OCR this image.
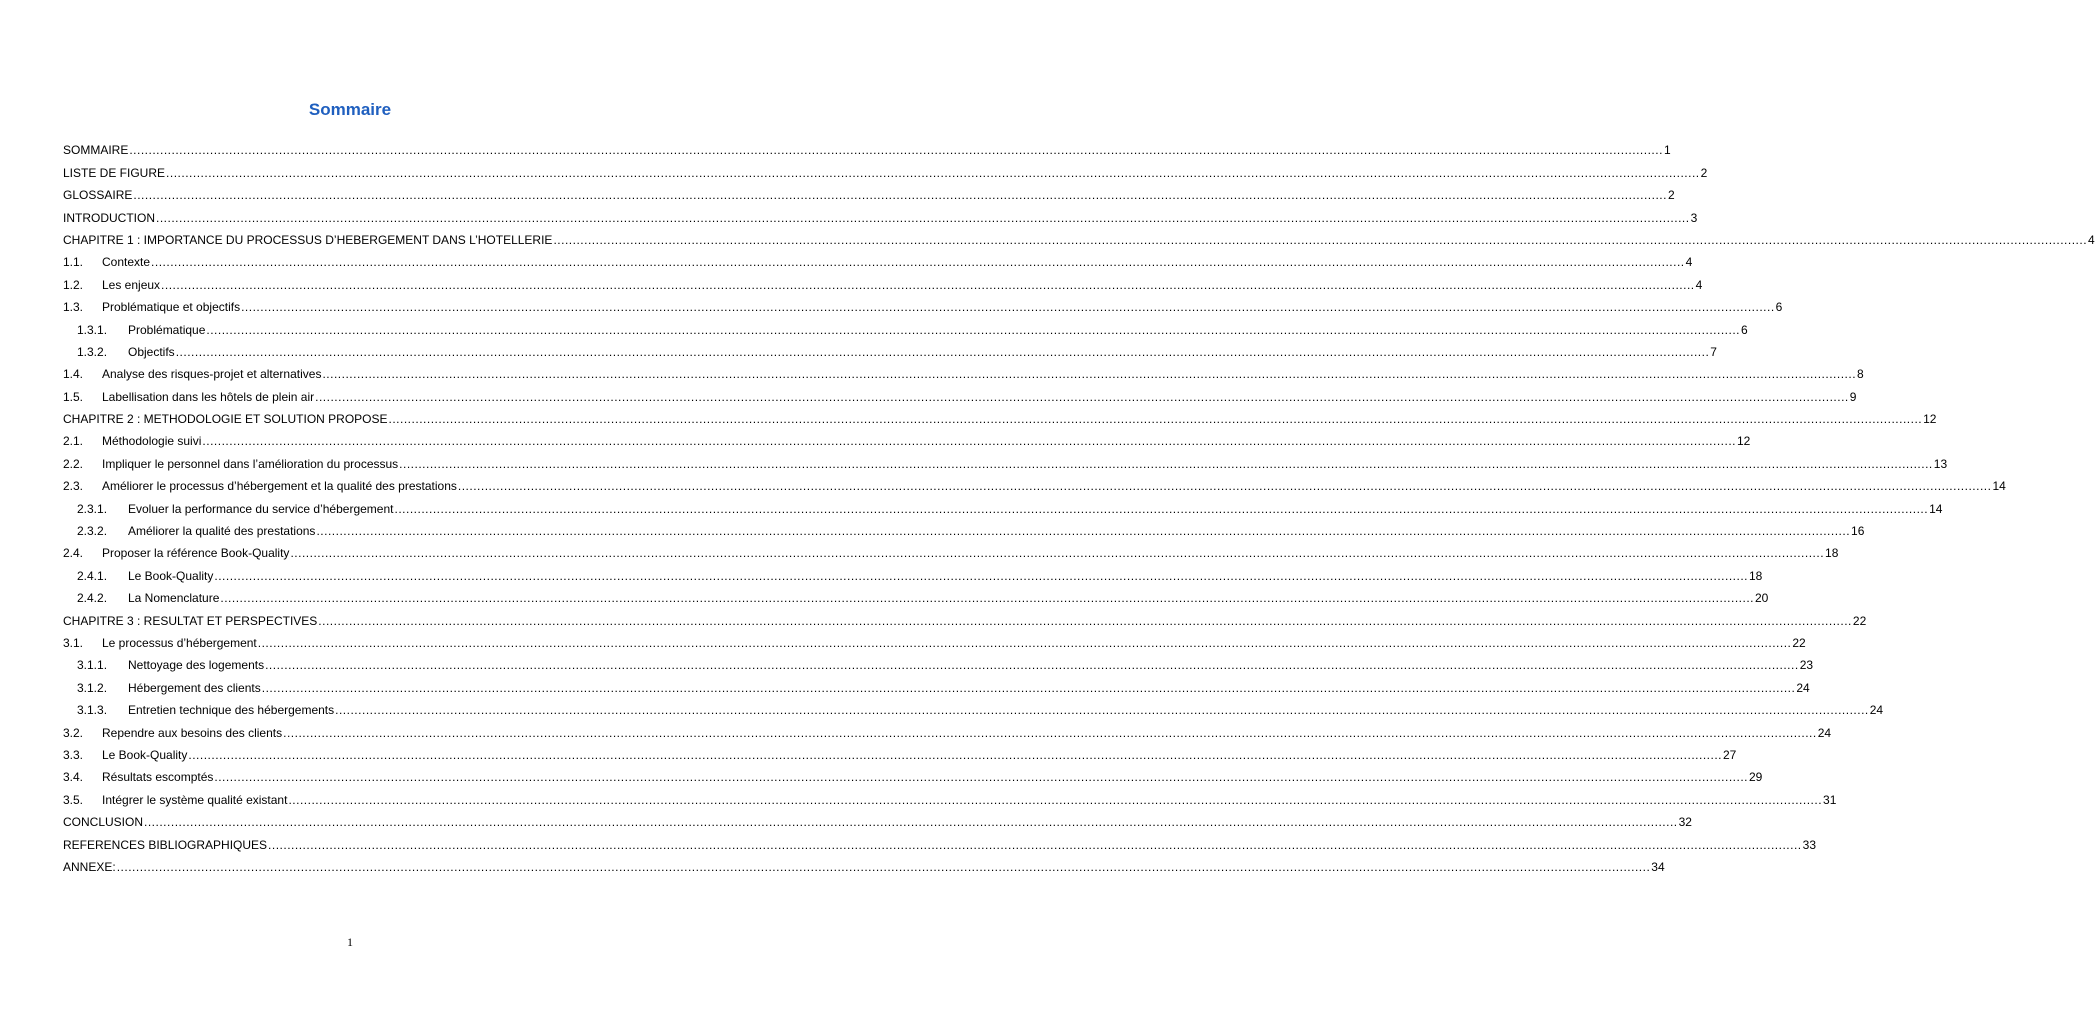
Sommaire
SOMMAIRE ................................................................................................................................................................................................................................................................................................................................................................................................................ 1
LISTE DE FIGURE ................................................................................................................................................................................................................................................................................................................................................................................................................ 2
GLOSSAIRE ................................................................................................................................................................................................................................................................................................................................................................................................................ 2
INTRODUCTION ................................................................................................................................................................................................................................................................................................................................................................................................................ 3
CHAPITRE 1 : IMPORTANCE DU PROCESSUS D’HEBERGEMENT DANS L’HOTELLERIE ................................................................................................................................................................................................................................................................................................................................................................................................................ 4
1.1.	Contexte ................................................................................................................................................................................................................................................................................................................................................................................................................ 4
1.2.	Les enjeux ................................................................................................................................................................................................................................................................................................................................................................................................................ 4
1.3.	Problématique et objectifs ................................................................................................................................................................................................................................................................................................................................................................................................................ 6
1.3.1.	Problématique ................................................................................................................................................................................................................................................................................................................................................................................................................ 6
1.3.2.	Objectifs ................................................................................................................................................................................................................................................................................................................................................................................................................ 7
1.4.	Analyse des risques-projet et alternatives ................................................................................................................................................................................................................................................................................................................................................................................................................ 8
1.5.	Labellisation dans les hôtels de plein air ................................................................................................................................................................................................................................................................................................................................................................................................................ 9
CHAPITRE 2 : METHODOLOGIE ET SOLUTION PROPOSE ................................................................................................................................................................................................................................................................................................................................................................................................................ 12
2.1.	Méthodologie suivi ................................................................................................................................................................................................................................................................................................................................................................................................................ 12
2.2.	Impliquer le personnel dans l’amélioration du processus ................................................................................................................................................................................................................................................................................................................................................................................................................ 13
2.3.	Améliorer le processus d’hébergement et la qualité des prestations ................................................................................................................................................................................................................................................................................................................................................................................................................ 14
2.3.1.	Evoluer la performance du service d’hébergement ................................................................................................................................................................................................................................................................................................................................................................................................................ 14
2.3.2.	Améliorer la qualité des prestations ................................................................................................................................................................................................................................................................................................................................................................................................................ 16
2.4.	Proposer la référence Book-Quality ................................................................................................................................................................................................................................................................................................................................................................................................................ 18
2.4.1.	Le Book-Quality ................................................................................................................................................................................................................................................................................................................................................................................................................ 18
2.4.2.	La Nomenclature ................................................................................................................................................................................................................................................................................................................................................................................................................ 20
CHAPITRE 3 : RESULTAT ET PERSPECTIVES ................................................................................................................................................................................................................................................................................................................................................................................................................ 22
3.1.	Le processus d’hébergement ................................................................................................................................................................................................................................................................................................................................................................................................................ 22
3.1.1.	Nettoyage des logements ................................................................................................................................................................................................................................................................................................................................................................................................................ 23
3.1.2.	Hébergement des clients ................................................................................................................................................................................................................................................................................................................................................................................................................ 24
3.1.3.	Entretien technique des hébergements ................................................................................................................................................................................................................................................................................................................................................................................................................ 24
3.2.	Rependre aux besoins des clients ................................................................................................................................................................................................................................................................................................................................................................................................................ 24
3.3.	Le Book-Quality ................................................................................................................................................................................................................................................................................................................................................................................................................ 27
3.4.	Résultats escomptés ................................................................................................................................................................................................................................................................................................................................................................................................................ 29
3.5.	Intégrer le système qualité existant ................................................................................................................................................................................................................................................................................................................................................................................................................ 31
CONCLUSION ................................................................................................................................................................................................................................................................................................................................................................................................................ 32
REFERENCES BIBLIOGRAPHIQUES ................................................................................................................................................................................................................................................................................................................................................................................................................ 33
ANNEXE: ................................................................................................................................................................................................................................................................................................................................................................................................................ 34
1
